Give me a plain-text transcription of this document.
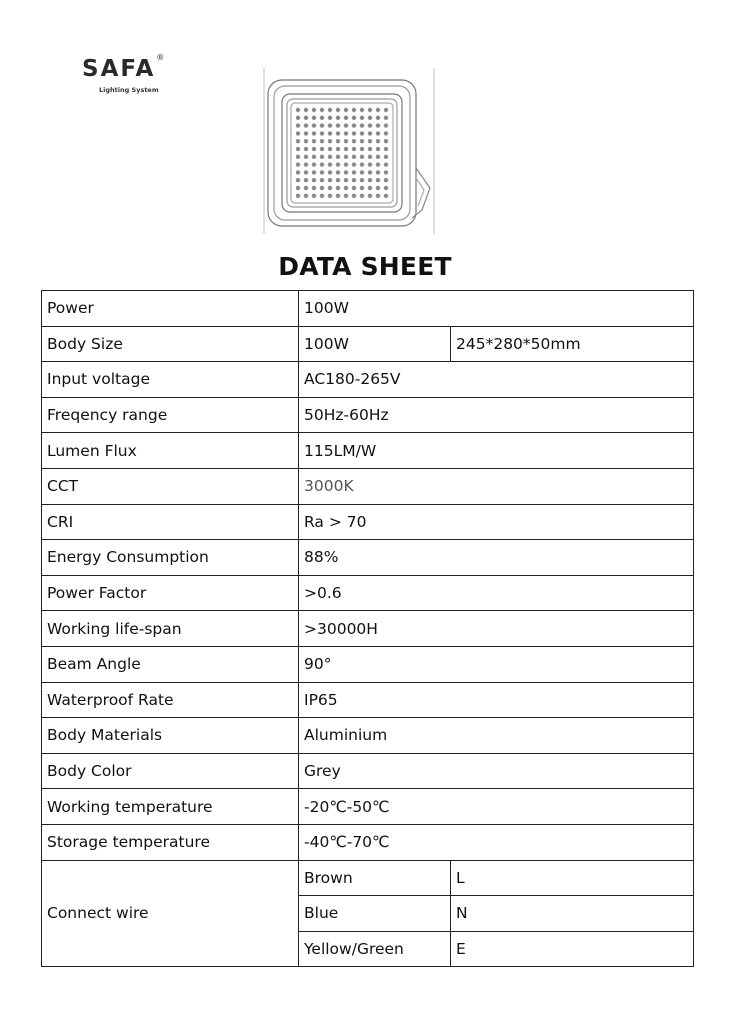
SAFA®
Lighting System
DATA SHEET
Power	100W	
Body Size	100W	245*280*50mm
Input voltage	AC180-265V	
Freqency range	50Hz-60Hz	
Lumen Flux	115LM/W	
CCT	3000K	
CRI	Ra > 70	
Energy Consumption	88%	
Power Factor	>0.6	
Working life-span	>30000H	
Beam Angle	90°	
Waterproof Rate	IP65	
Body Materials	Aluminium	
Body Color	Grey	
Working temperature	-20℃-50℃	
Storage temperature	-40℃-70℃	
Connect wire	Brown	L
	Blue	N
	Yellow/Green	E
